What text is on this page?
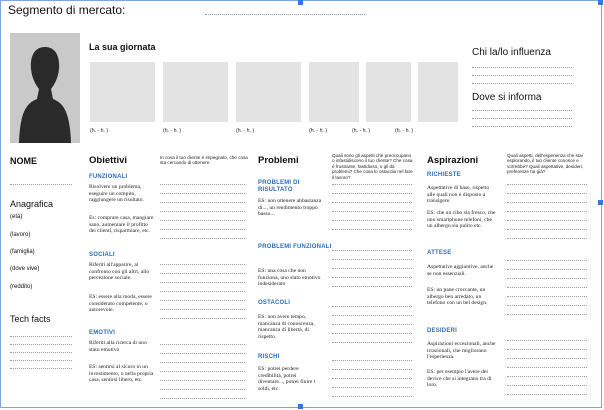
Segmento di mercato:
La sua giornata
(h. - h. )	(h. - h. )	(h. - h. )	(h. - h. )	(h. - h. )	(h. - h. )
Chi la/lo influenza
Dove si informa
NOME
Anagrafica
(età)
(lavoro)
(famiglia)
(dove vive)
(reddito)
Tech facts
Obiettivi	In cosa il tuo cliente è impegnato, che cosa sta cercando di ottenere.
FUNZIONALI
Risolvere un problema, eseguire un compito, raggiungere un risultato.
Es: comprare casa, mangiare sano, aumentare il profitto dei clienti, risparmiare, etc.
SOCIALI
Riferiti all'apparire, al confronto con gli altri, allo percezione sociale.
ES: essere alla moda, essere considerato competente, o autorevole.
EMOTIVI
Riferiti alla ricerca di uno stato emotivo
ES: sentirsi al sicuro in un investimento, o nella propria casa, sentirsi libero, etc.
Problemi	Quali sono gli aspetti che preoccupano o infastidiscono il tuo cliente? Che cosa è frustrante, fastidioso, o gli dà problemi? Che cosa lo ostacola nel fare il lavoro?
PROBLEMI DI RISULTATO
ES: non ottenere abbastanza di..., un rendimento troppo basso...
PROBLEMI FUNZIONALI
ES: una cosa che non funziona, uno stato emotivo indesiderato
OSTACOLI
ES: non avere tempo, mancanza di conoscenza, mancanza di libertà, di rispetto.
RISCHI
ES: potrei perdere credibilità, potrei diventare..., potrei finire i soldi, etc.
Aspirazioni	Quali aspetti, dell'esperienza che stai esplorando, il tuo cliente conosce e vorrebbe? Quali aspettative, desideri, preferenze ha già?
RICHIESTE
Aspettative di base, rispetto alle quali non è disposto a transigere.
ES: che un cibo sia fresco, che uno smartphone telefoni, che un albergo sia pulito etc.
ATTESE
Aspettative aggiuntive, anche se non essenziali.
ES: un pane croccante, un albergo ben arredato, un telefono con un bel design.
DESIDERI
Aspirazioni eccezionali, anche irrazionali, che migliorano l'esperienza.
ES: per esempio l'avere dei device che si integrano tra di loro.
